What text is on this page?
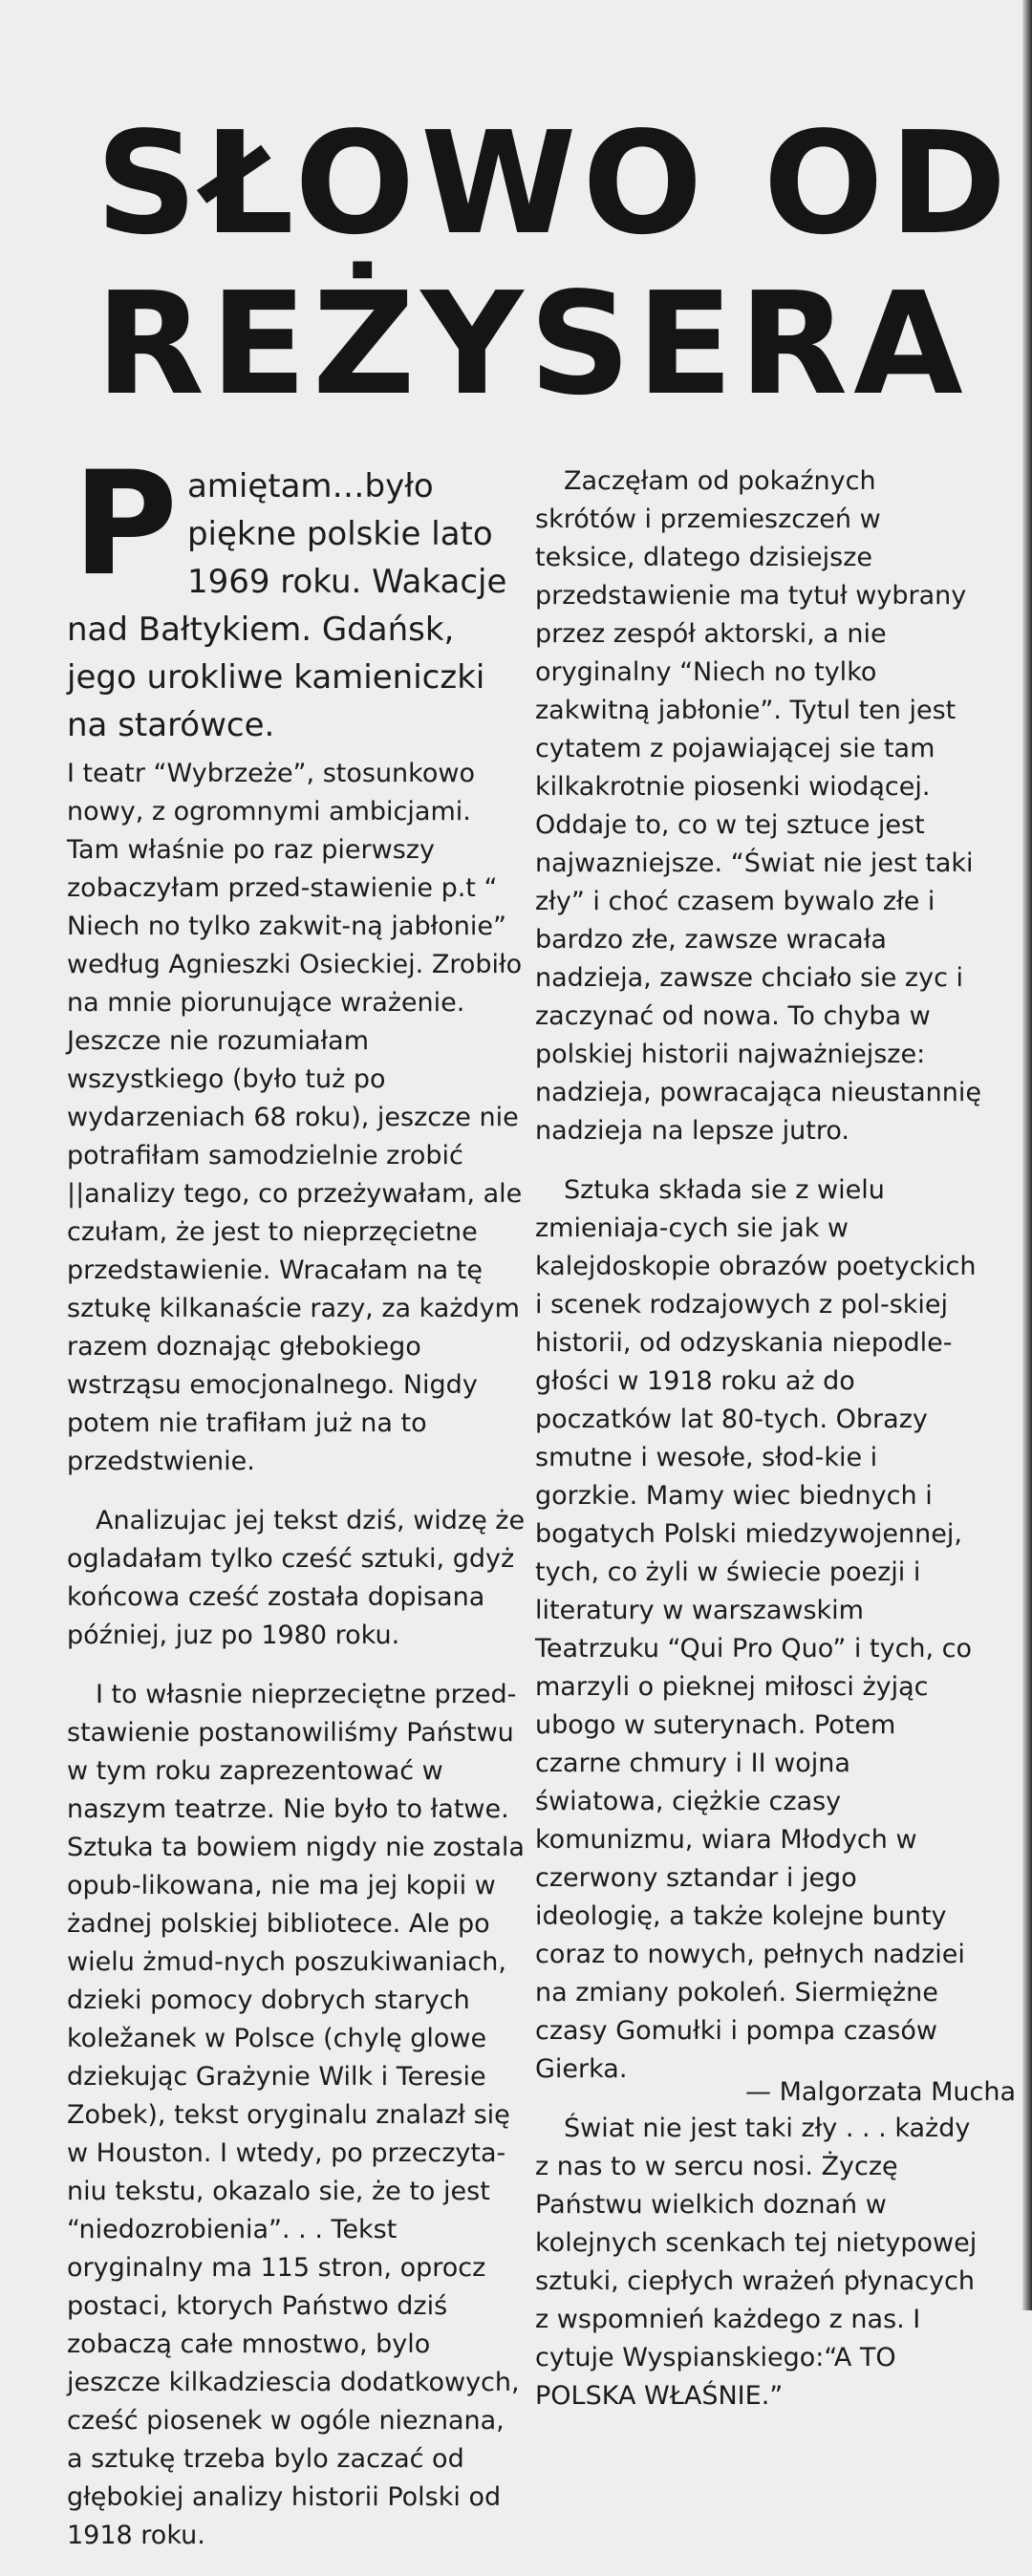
SŁOWO OD
REŻYSERA
Pamiętam…było piękne polskie lato 1969 roku. Wakacje nad Bałtykiem. Gdańsk, jego urokliwe kamieniczki na starówce.

I teatr “Wybrzeże”, stosunkowo nowy, z ogromnymi ambicjami. Tam właśnie po raz pierwszy zobaczyłam przed-stawienie p.t “ Niech no tylko zakwit-ną jabłonie” według Agnieszki Osieckiej. Zrobiło na mnie piorunujące wrażenie. Jeszcze nie rozumiałam wszystkiego (było tuż po wydarzeniach 68 roku), jeszcze nie potrafiłam samodzielnie zrobić ||analizy tego, co przeżywałam, ale czułam, że jest to nieprzęcietne przedstawienie. Wracałam na tę sztukę kilkanaście razy, za każdym razem doznając głebokiego wstrząsu emocjonalnego. Nigdy potem nie trafiłam już na to przedstwienie.

Analizujac jej tekst dziś, widzę że ogladałam tylko cześć sztuki, gdyż końcowa cześć została dopisana później, juz po 1980 roku.

I to własnie nieprzeciętne przed-stawienie postanowiliśmy Państwu w tym roku zaprezentować w naszym teatrze. Nie było to łatwe. Sztuka ta bowiem nigdy nie zostala opub-likowana, nie ma jej kopii w żadnej polskiej bibliotece. Ale po wielu żmud-nych poszukiwaniach, dzieki pomocy dobrych starych koležanek w Polsce (chylę glowe dziekując Grażynie Wilk i Teresie Zobek), tekst oryginalu znalazł się w Houston. I wtedy, po przeczyta-niu tekstu, okazalo sie, że to jest “niedozrobienia”. . . Tekst oryginalny ma 115 stron, oprocz postaci, ktorych Państwo dziś zobaczą całe mnostwo, bylo jeszcze kilkadziescia dodatkowych, cześć piosenek w ogóle nieznana, a sztukę trzeba bylo zaczać od głębokiej analizy historii Polski od 1918 roku.

Zaczęłam od pokaźnych skrótów i przemieszczeń w teksice, dlatego dzisiejsze przedstawienie ma tytuł wybrany przez zespół aktorski, a nie oryginalny “Niech no tylko zakwitną jabłonie”. Tytul ten jest cytatem z pojawiającej sie tam kilkakrotnie piosenki wiodącej. Oddaje to, co w tej sztuce jest najwazniejsze. “Świat nie jest taki zły” i choć czasem bywalo złe i bardzo złe, zawsze wracała nadzieja, zawsze chciało sie zyc i zaczynać od nowa. To chyba w polskiej historii najważniejsze: nadzieja, powracająca nieustannię nadzieja na lepsze jutro.

Sztuka składa sie z wielu zmieniaja-cych sie jak w kalejdoskopie obrazów poetyckich i scenek rodzajowych z pol-skiej historii, od odzyskania niepodle-głości w 1918 roku aż do poczatków lat 80-tych. Obrazy smutne i wesołe, słod-kie i gorzkie. Mamy wiec biednych i bogatych Polski miedzywojennej, tych, co żyli w świecie poezji i literatury w warszawskim Teatrzuku “Qui Pro Quo” i tych, co marzyli o pieknej miłosci żyjąc ubogo w suterynach. Potem czarne chmury i II wojna światowa, ciężkie czasy komunizmu, wiara Młodych w czerwony sztandar i jego ideologię, a także kolejne bunty coraz to nowych, pełnych nadziei na zmiany pokoleń. Siermiężne czasy Gomułki i pompa czasów Gierka.

Świat nie jest taki zły . . . każdy z nas to w sercu nosi. Życzę Państwu wielkich doznań w kolejnych scenkach tej nietypowej sztuki, ciepłych wrażeń płynacych z wspomnień każdego z nas. I cytuje Wyspianskiego:“A TO POLSKA WŁAŚNIE.”

— Malgorzata Mucha
